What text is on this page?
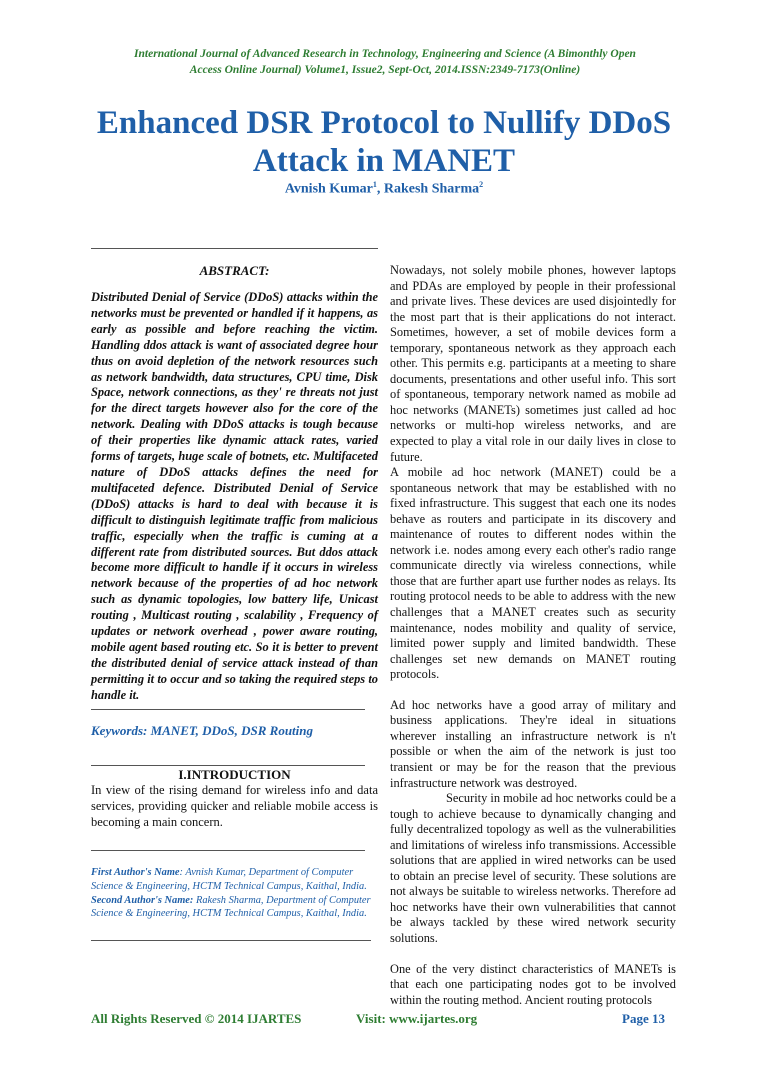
International Journal of Advanced Research in Technology, Engineering and Science (A Bimonthly Open
Access Online Journal) Volume1, Issue2, Sept-Oct, 2014.ISSN:2349-7173(Online)
Enhanced DSR Protocol to Nullify DDoS
Attack in MANET
Avnish Kumar$^1$, Rakesh Sharma$^2$
ABSTRACT:
Distributed Denial of Service (DDoS) attacks within the networks must be prevented or handled if it happens, as early as possible and before reaching the victim. Handling ddos attack is want of associated degree hour thus on avoid depletion of the network resources such as network bandwidth, data structures, CPU time, Disk Space, network connections, as they' re threats not just for the direct targets however also for the core of the network. Dealing with DDoS attacks is tough because of their properties like dynamic attack rates, varied forms of targets, huge scale of botnets, etc. Multifaceted nature of DDoS attacks defines the need for multifaceted defence. Distributed Denial of Service (DDoS) attacks is hard to deal with because it is difficult to distinguish legitimate traffic from malicious traffic, especially when the traffic is cuming at a different rate from distributed sources. But ddos attack become more difficult to handle if it occurs in wireless network because of the properties of ad hoc network such as dynamic topologies, low battery life, Unicast routing , Multicast routing , scalability , Frequency of updates or network overhead , power aware routing, mobile agent based routing etc. So it is better to prevent the distributed denial of service attack instead of than permitting it to occur and so taking the required steps to handle it.
Keywords: MANET, DDoS, DSR Routing
I.INTRODUCTION
In view of the rising demand for wireless info and data services, providing quicker and reliable mobile access is becoming a main concern.
First Author's Name: Avnish Kumar, Department of Computer Science & Engineering, HCTM Technical Campus, Kaithal, India.
Second Author's Name: Rakesh Sharma, Department of Computer Science & Engineering, HCTM Technical Campus, Kaithal, India.

Nowadays, not solely mobile phones, however laptops and PDAs are employed by people in their professional and private lives. These devices are used disjointedly for the most part that is their applications do not interact. Sometimes, however, a set of mobile devices form a temporary, spontaneous network as they approach each other. This permits e.g. participants at a meeting to share documents, presentations and other useful info. This sort of spontaneous, temporary network named as mobile ad hoc networks (MANETs) sometimes just called ad hoc networks or multi-hop wireless networks, and are expected to play a vital role in our daily lives in close to future.

A mobile ad hoc network (MANET) could be a spontaneous network that may be established with no fixed infrastructure. This suggest that each one its nodes behave as routers and participate in its discovery and maintenance of routes to different nodes within the network i.e. nodes among every each other's radio range communicate directly via wireless connections, while those that are further apart use further nodes as relays. Its routing protocol needs to be able to address with the new challenges that a MANET creates such as security maintenance, nodes mobility and quality of service, limited power supply and limited bandwidth. These challenges set new demands on MANET routing protocols.

Ad hoc networks have a good array of military and business applications. They're ideal in situations wherever installing an infrastructure network is n't possible or when the aim of the network is just too transient or may be for the reason that the previous infrastructure network was destroyed.

Security in mobile ad hoc networks could be a tough to achieve because to dynamically changing and fully decentralized topology as well as the vulnerabilities and limitations of wireless info transmissions. Accessible solutions that are applied in wired networks can be used to obtain an precise level of security. These solutions are not always be suitable to wireless networks. Therefore ad hoc networks have their own vulnerabilities that cannot be always tackled by these wired network security solutions.

One of the very distinct characteristics of MANETs is that each one participating nodes got to be involved within the routing method. Ancient routing protocols

All Rights Reserved © 2014 IJARTES	Visit: www.ijartes.org	Page 13
